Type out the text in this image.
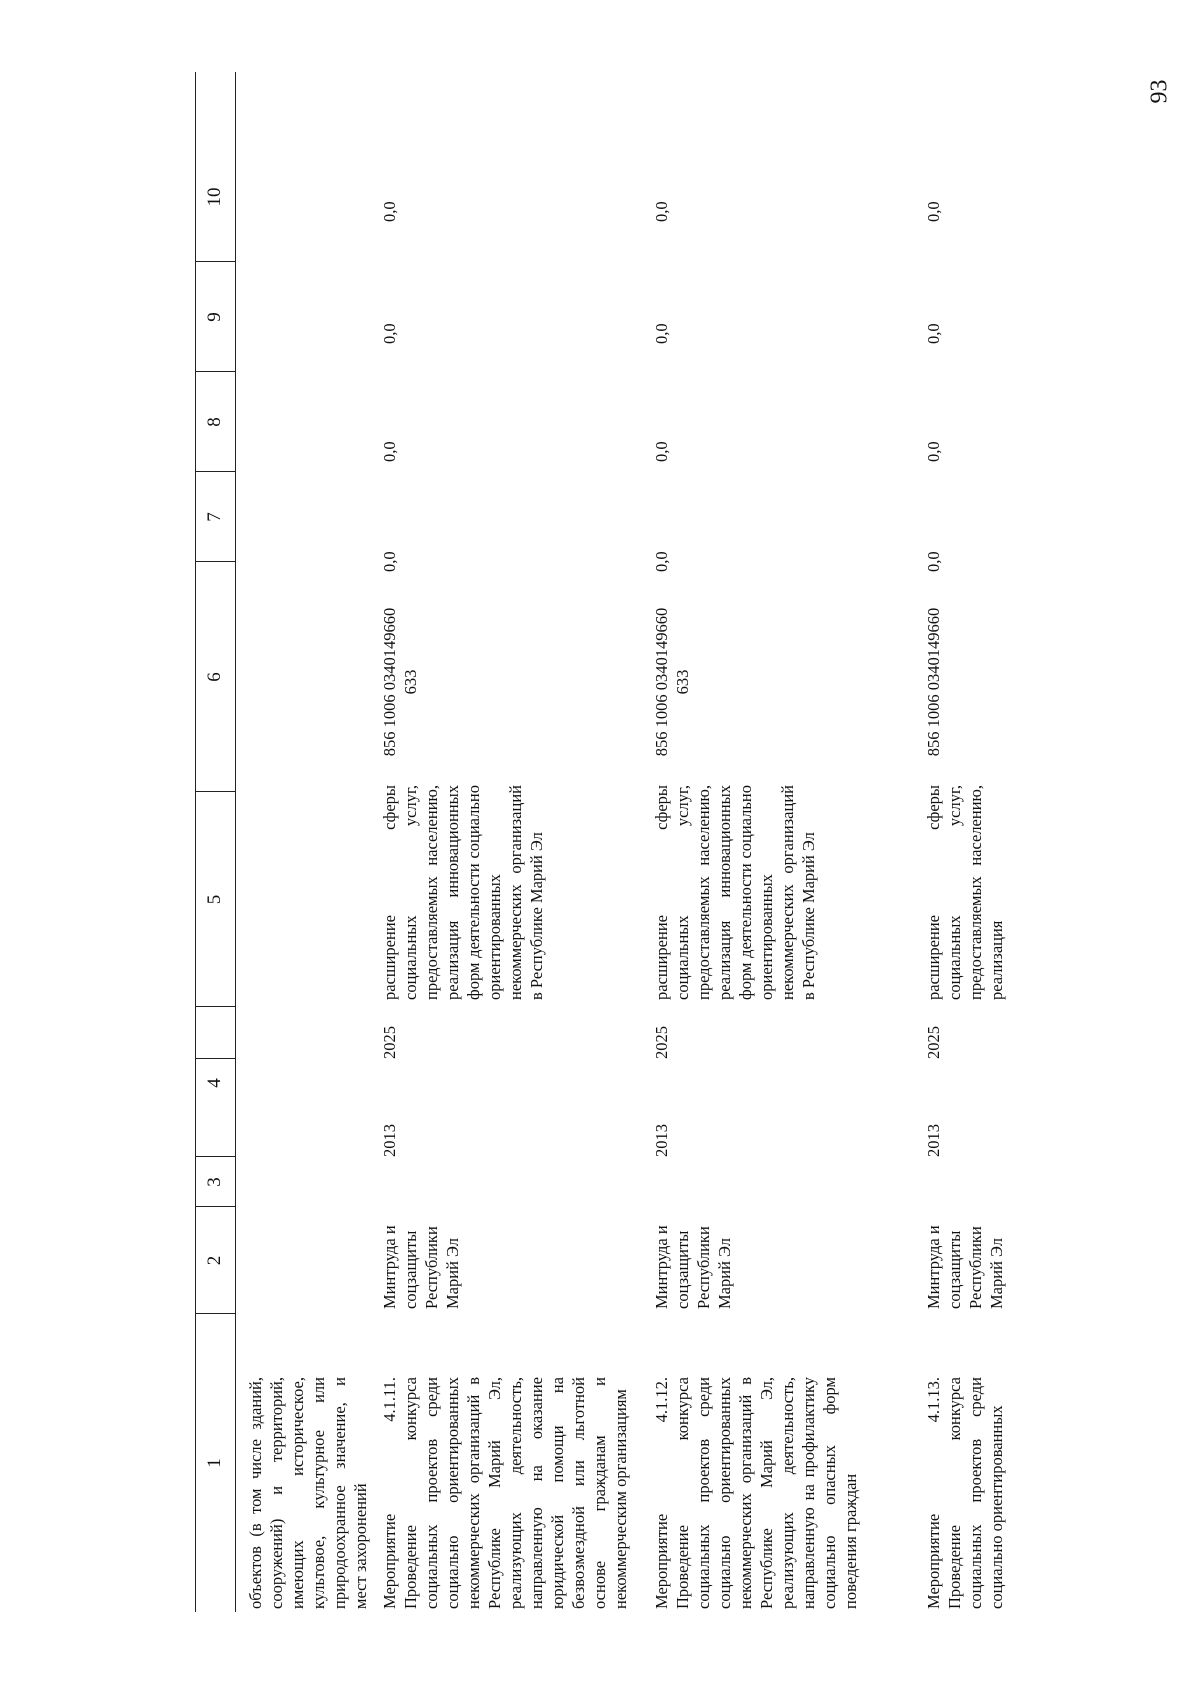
93
1
2
3
4
5
6
7
8
9
10
объектов (в том числе зданий, сооружений) и территорий, имеющих историческое, культовое, культурное или природоохранное значение, и мест захоронений Мероприятие 4.1.11. Проведение конкурса социальных проектов среди социально ориентированных некоммерческих организаций в Республике Марий Эл, реализующих деятельность, направленную на оказание юридической помощи на безвозмездной или льготной основе гражданам и некоммерческим организациям
Минтруда и соцзащиты Республики Марий Эл
2013
2025
расширение сферы социальных услуг, предоставляемых населению, реализация инновационных форм деятельности социально ориентированных некоммерческих организаций в Республике Марий Эл
856 1006 0340149660 633
0,0
0,0
0,0
0,0
Мероприятие 4.1.12. Проведение конкурса социальных проектов среди социально ориентированных некоммерческих организаций в Республике Марий Эл, реализующих деятельность, направленную на профилактику социально опасных форм поведения граждан
Минтруда и соцзащиты Республики Марий Эл
2013
2025
расширение сферы социальных услуг, предоставляемых населению, реализация инновационных форм деятельности социально ориентированных некоммерческих организаций в Республике Марий Эл
856 1006 0340149660 633
0,0
0,0
0,0
0,0
Мероприятие 4.1.13. Проведение конкурса социальных проектов среди социально ориентированных
Минтруда и соцзащиты Республики Марий Эл
2013
2025
расширение сферы социальных услуг, предоставляемых населению, реализация
856 1006 0340149660
0,0
0,0
0,0
0,0
